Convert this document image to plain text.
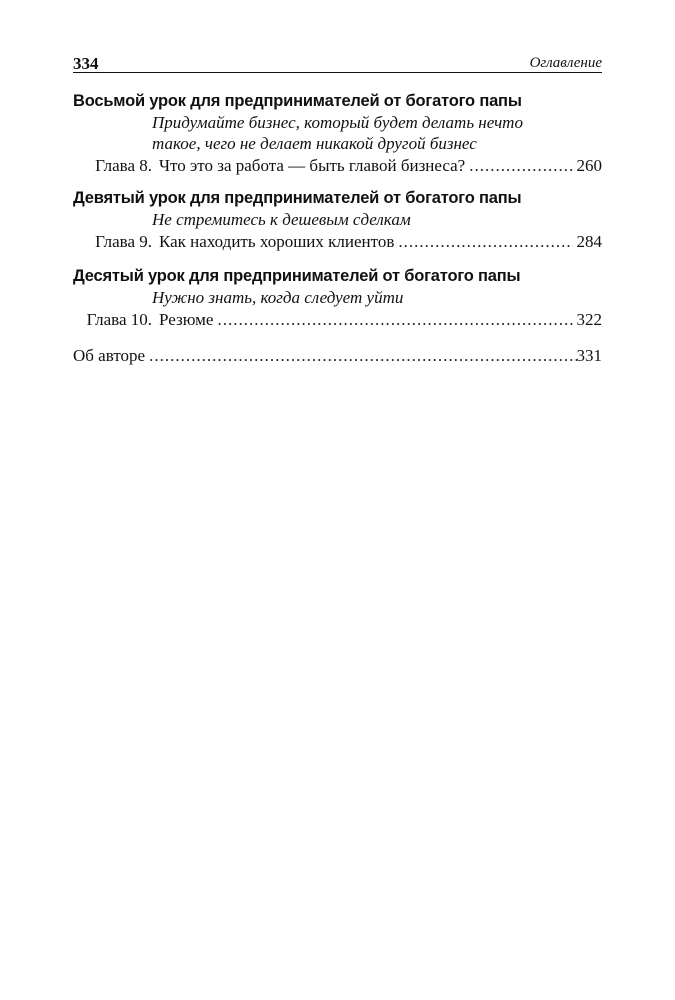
334	Оглавление
Восьмой урок для предпринимателей от богатого папы
Придумайте бизнес, который будет делать нечто
такое, чего не делает никакой другой бизнес
Глава 8. Что это за работа — быть главой бизнеса? .....	260
Девятый урок для предпринимателей от богатого папы
Не стремитесь к дешевым сделкам
Глава 9. Как находить хороших клиентов .....	284
Десятый урок для предпринимателей от богатого папы
Нужно знать, когда следует уйти
Глава 10. Резюме .....	322
Об авторе .....	331
